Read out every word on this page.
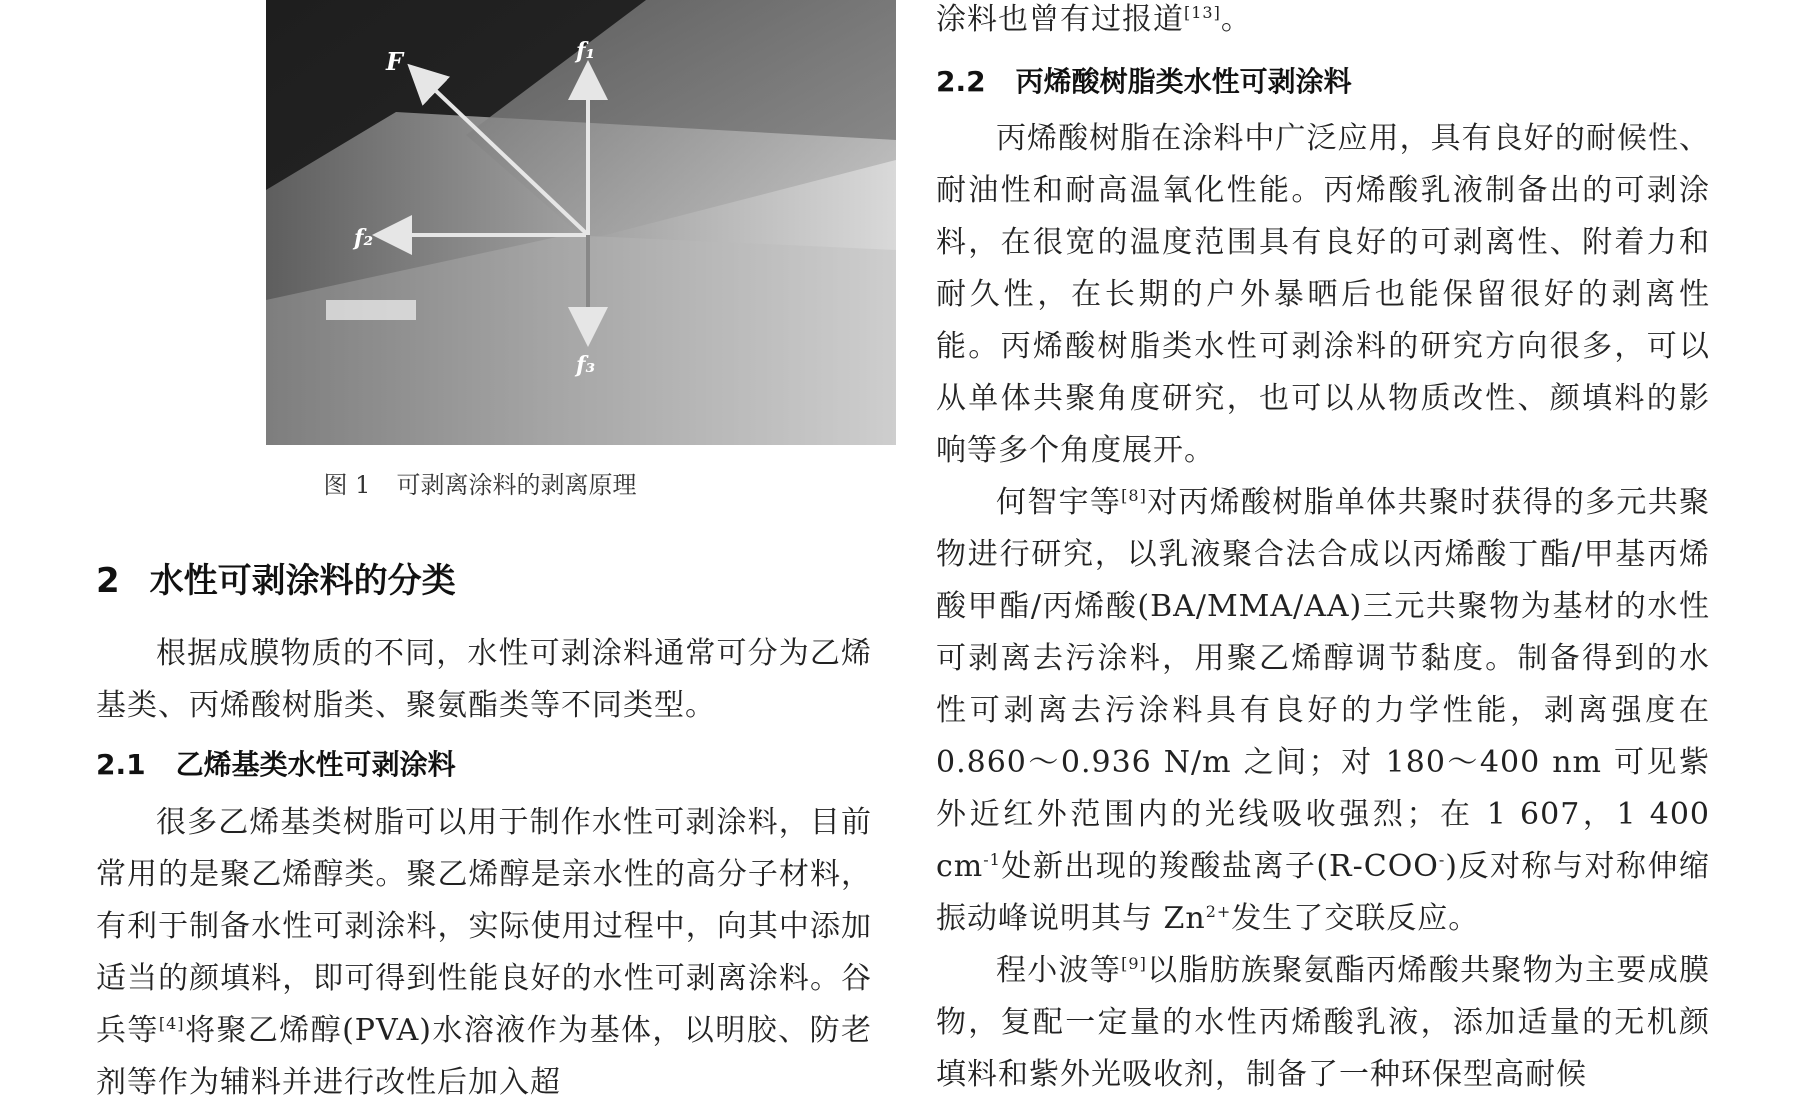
F	f₁
f₂
f₃
图 1 可剥离涂料的剥离原理
2 水性可剥涂料的分类

根据成膜物质的不同，水性可剥涂料通常可分为乙烯基类、丙烯酸树脂类、聚氨酯类等不同类型。

2.1 乙烯基类水性可剥涂料

很多乙烯基类树脂可以用于制作水性可剥涂料，目前常用的是聚乙烯醇类。聚乙烯醇是亲水性的高分子材料，有利于制备水性可剥涂料，实际使用过程中，向其中添加适当的颜填料，即可得到性能良好的水性可剥离涂料。谷兵等[4]将聚乙烯醇(PVA)水溶液作为基体，以明胶、防老剂等作为辅料并进行改性后加入超

涂料也曾有过报道[13]。

2.2 丙烯酸树脂类水性可剥涂料

丙烯酸树脂在涂料中广泛应用，具有良好的耐候性、耐油性和耐高温氧化性能。丙烯酸乳液制备出的可剥涂料，在很宽的温度范围具有良好的可剥离性、附着力和耐久性，在长期的户外暴晒后也能保留很好的剥离性能。丙烯酸树脂类水性可剥涂料的研究方向很多，可以从单体共聚角度研究，也可以从物质改性、颜填料的影响等多个角度展开。

何智宇等[8]对丙烯酸树脂单体共聚时获得的多元共聚物进行研究，以乳液聚合法合成以丙烯酸丁酯/甲基丙烯酸甲酯/丙烯酸(BA/MMA/AA)三元共聚物为基材的水性可剥离去污涂料，用聚乙烯醇调节黏度。制备得到的水性可剥离去污涂料具有良好的力学性能，剥离强度在 0.860～0.936 N/m 之间；对 180～400 nm 可见紫外近红外范围内的光线吸收强烈；在 1 607，1 400 $cm^{-1}$处新出现的羧酸盐离子(R-COO-)反对称与对称伸缩振动峰说明其与 $Zn^{2+}$发生了交联反应。

程小波等[9]以脂肪族聚氨酯丙烯酸共聚物为主要成膜物，复配一定量的水性丙烯酸乳液，添加适量的无机颜填料和紫外光吸收剂，制备了一种环保型高耐候
